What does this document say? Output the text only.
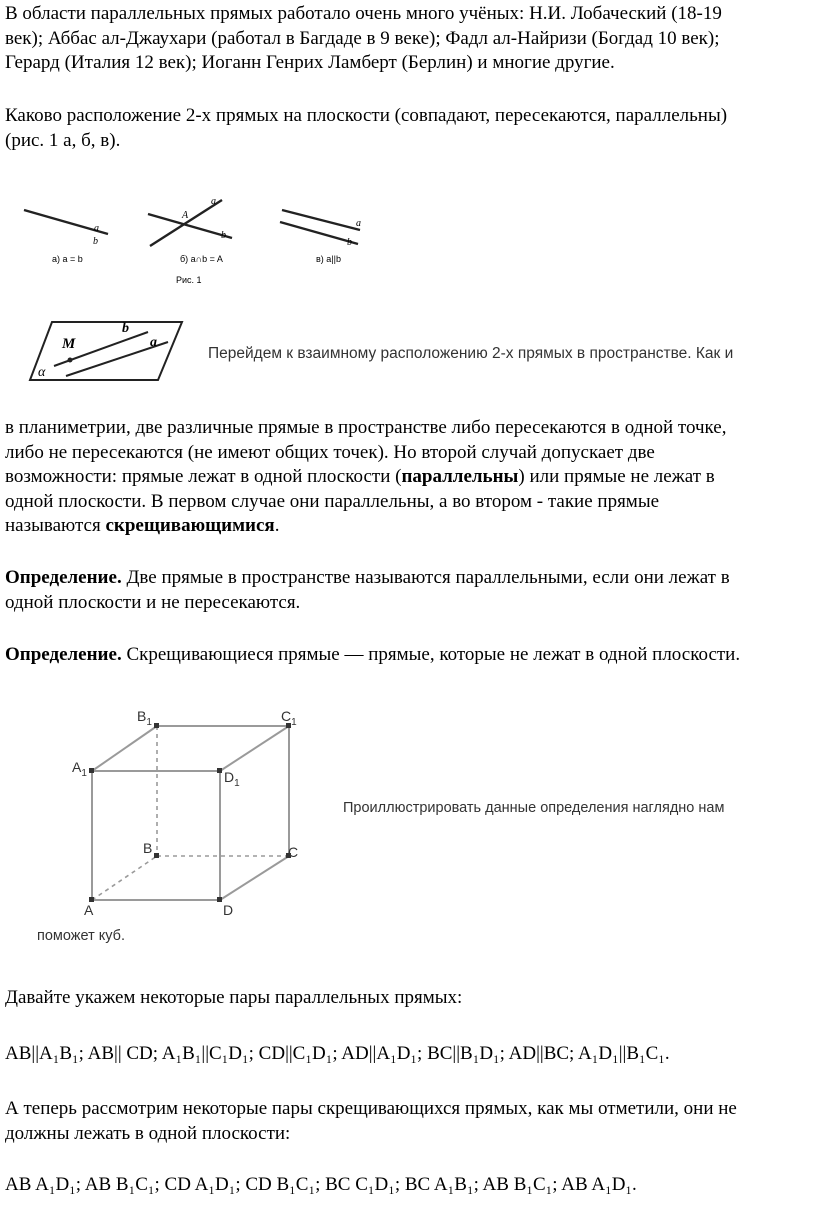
В области параллельных прямых работало очень много учёных: Н.И. Лобаческий (18-19
век); Аббас ал-Джаухари (работал в Багдаде в 9 веке); Фадл ал-Найризи (Богдад 10 век);
Герард (Италия 12 век); Иоганн Генрих Ламберт (Берлин) и многие другие.

Каково расположение 2-х прямых на плоскости (совпадают, пересекаются, параллельны)
(рис. 1 а, б, в).

a
b
a) a = b
A
a
b
б) a∩b = A
Рис. 1
a
b
в) a||b
M
b
a
α
Перейдем к взаимному расположению 2-х прямых в пространстве. Как и

в планиметрии, две различные прямые в пространстве либо пересекаются в одной точке,
либо не пересекаются (не имеют общих точек). Но второй случай допускает две
возможности: прямые лежат в одной плоскости (параллельны) или прямые не лежат в
одной плоскости. В первом случае они параллельны, а во втором - такие прямые
называются скрещивающимися.

Определение. Две прямые в пространстве называются параллельными, если они лежат в
одной плоскости и не пересекаются.

Определение. Скрещивающиеся прямые — прямые, которые не лежат в одной плоскости.

$B_1$	$C_1$
$A_1$	$D_1$
B	C
A	D
Проиллюстрировать данные определения наглядно нам
поможет куб.

Давайте укажем некоторые пары параллельных прямых:

AB||A₁B₁; AB|| CD; A₁B₁||C₁D₁; CD||C₁D₁; AD||A₁D₁; BC||B₁D₁; AD||BC; A₁D₁||B₁C₁.

А теперь рассмотрим некоторые пары скрещивающихся прямых, как мы отметили, они не
должны лежать в одной плоскости:

AB A₁D₁; AB B₁C₁; CD A₁D₁; CD B₁C₁; BC C₁D₁; BC A₁B₁; AB B₁C₁; AB A₁D₁.
